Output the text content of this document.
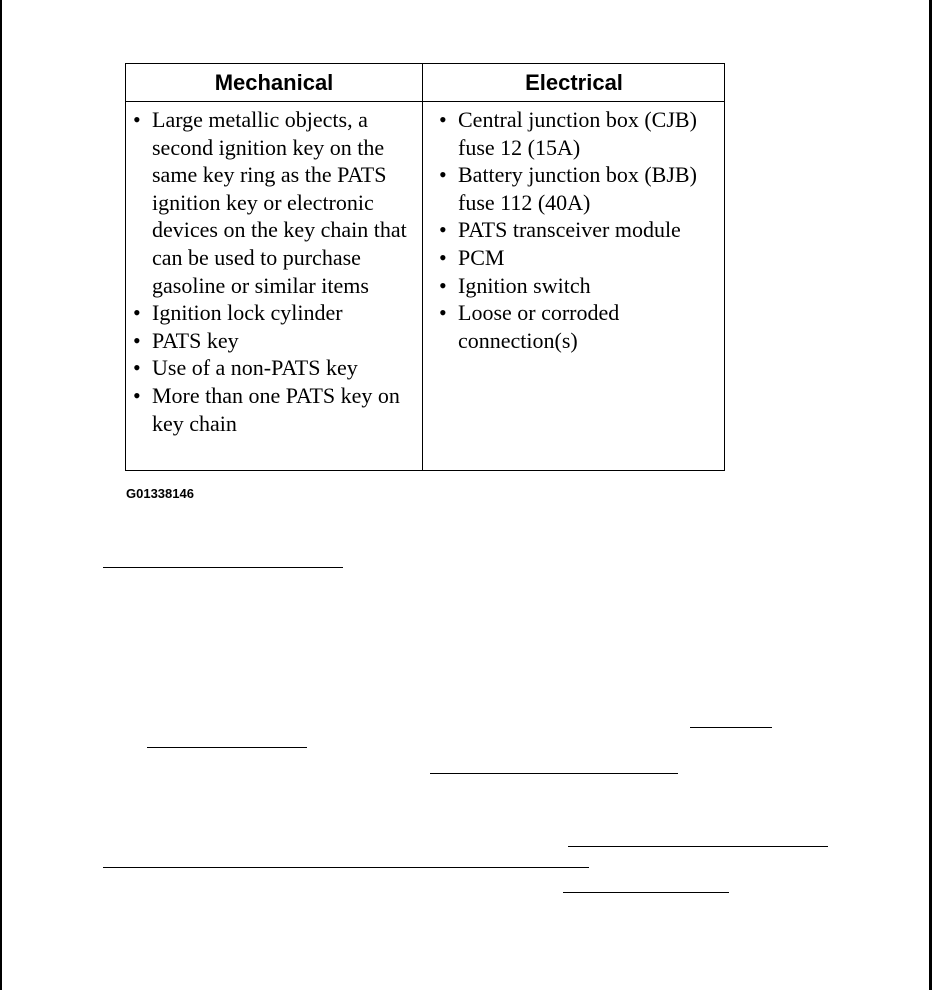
Mechanical	Electrical
• Large metallic objects, a second ignition key on the same key ring as the PATS ignition key or electronic devices on the key chain that can be used to purchase gasoline or similar items
• Ignition lock cylinder
• PATS key
• Use of a non-PATS key
• More than one PATS key on key chain
• Central junction box (CJB) fuse 12 (15A)
• Battery junction box (BJB) fuse 112 (40A)
• PATS transceiver module
• PCM
• Ignition switch
• Loose or corroded connection(s)
G01338146
